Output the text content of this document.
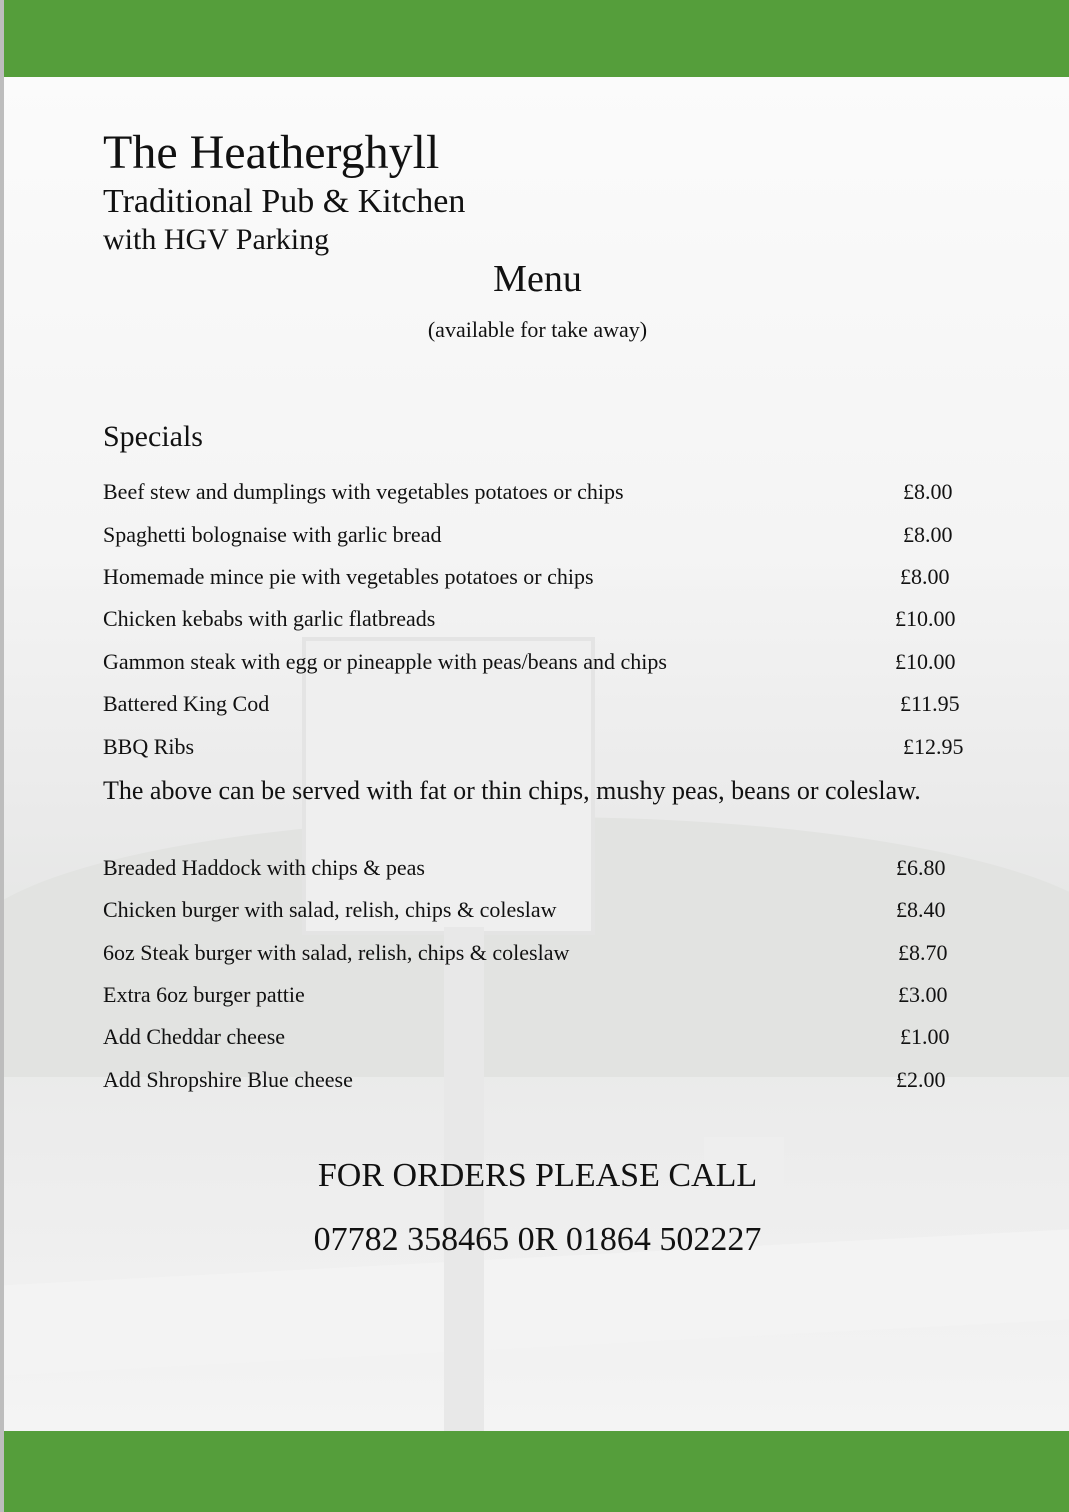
The Heatherghyll
Traditional Pub & Kitchen
with HGV Parking
Menu
(available for take away)
Specials
Beef stew and dumplings with vegetables potatoes or chips	£8.00
Spaghetti bolognaise with garlic bread	£8.00
Homemade mince pie with vegetables potatoes or chips	£8.00
Chicken kebabs with garlic flatbreads	£10.00
Gammon steak with egg or pineapple with peas/beans and chips	£10.00
Battered King Cod	£11.95
BBQ Ribs	£12.95
The above can be served with fat or thin chips, mushy peas, beans or coleslaw.
Breaded Haddock with chips & peas	£6.80
Chicken burger with salad, relish, chips & coleslaw	£8.40
6oz Steak burger with salad, relish, chips & coleslaw	£8.70
Extra 6oz burger pattie	£3.00
Add Cheddar cheese	£1.00
Add Shropshire Blue cheese	£2.00
FOR ORDERS PLEASE CALL
07782 358465 0R 01864 502227
